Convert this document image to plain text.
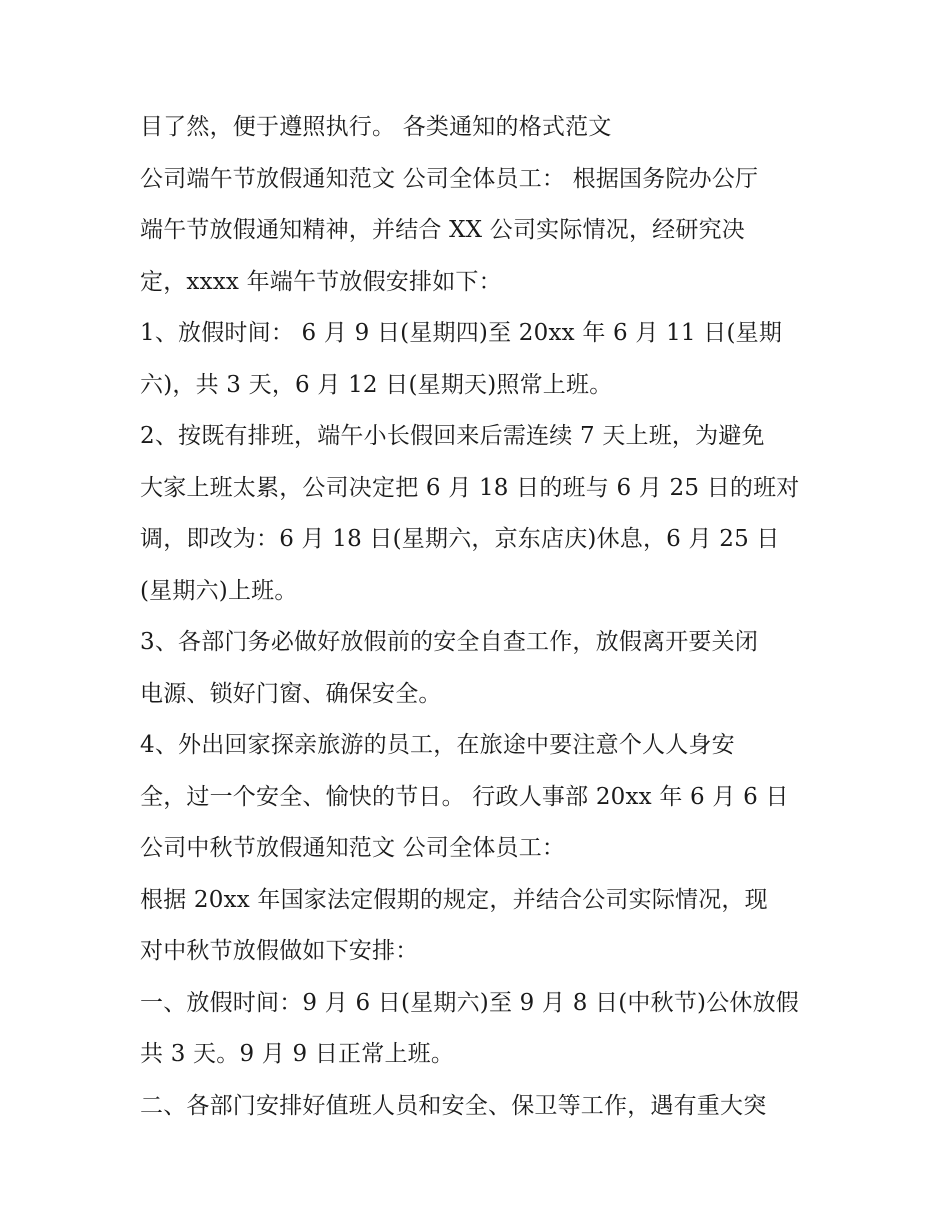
目了然，便于遵照执行。 各类通知的格式范文
公司端午节放假通知范文 公司全体员工： 根据国务院办公厅
端午节放假通知精神，并结合 XX 公司实际情况，经研究决
定，xxxx 年端午节放假安排如下：
1、放假时间： 6 月 9 日(星期四)至 20xx 年 6 月 11 日(星期
六)，共 3 天，6 月 12 日(星期天)照常上班。
2、按既有排班，端午小长假回来后需连续 7 天上班，为避免
大家上班太累，公司决定把 6 月 18 日的班与 6 月 25 日的班对
调，即改为：6 月 18 日(星期六，京东店庆)休息，6 月 25 日
(星期六)上班。
3、各部门务必做好放假前的安全自查工作，放假离开要关闭
电源、锁好门窗、确保安全。
4、外出回家探亲旅游的员工，在旅途中要注意个人人身安
全，过一个安全、愉快的节日。 行政人事部 20xx 年 6 月 6 日
公司中秋节放假通知范文 公司全体员工：
根据 20xx 年国家法定假期的规定，并结合公司实际情况，现
对中秋节放假做如下安排：
一、放假时间：9 月 6 日(星期六)至 9 月 8 日(中秋节)公休放假
共 3 天。9 月 9 日正常上班。
二、各部门安排好值班人员和安全、保卫等工作，遇有重大突
